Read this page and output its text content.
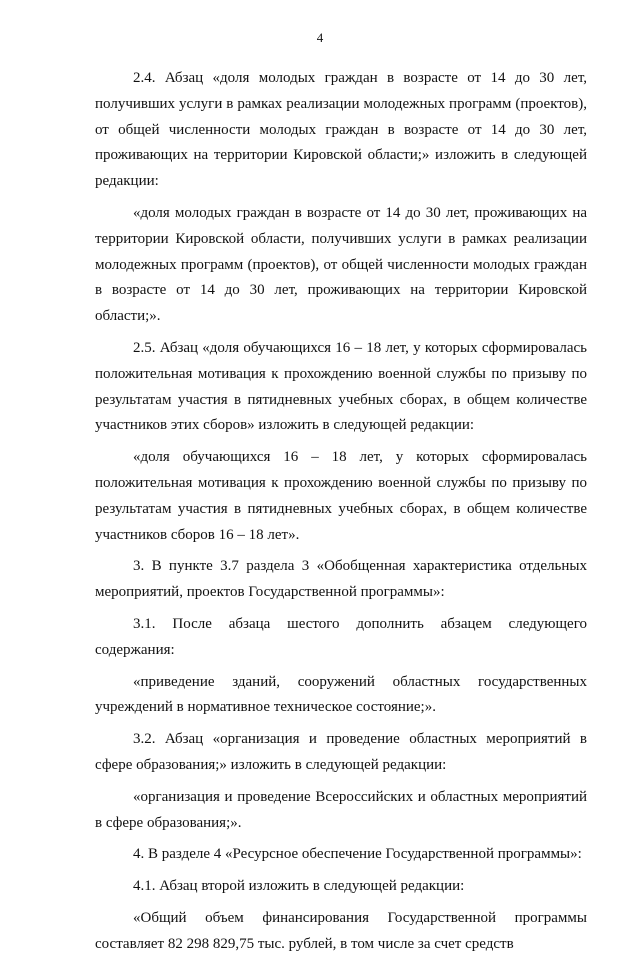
4

2.4. Абзац «доля молодых граждан в возрасте от 14 до 30 лет, получивших услуги в рамках реализации молодежных программ (проектов), от общей численности молодых граждан в возрасте от 14 до 30 лет, проживающих на территории Кировской области;» изложить в следующей редакции:

«доля молодых граждан в возрасте от 14 до 30 лет, проживающих на территории Кировской области, получивших услуги в рамках реализации молодежных программ (проектов), от общей численности молодых граждан в возрасте от 14 до 30 лет, проживающих на территории Кировской области;».

2.5. Абзац «доля обучающихся 16 – 18 лет, у которых сформировалась положительная мотивация к прохождению военной службы по призыву по результатам участия в пятидневных учебных сборах, в общем количестве участников этих сборов» изложить в следующей редакции:

«доля обучающихся 16 – 18 лет, у которых сформировалась положительная мотивация к прохождению военной службы по призыву по результатам участия в пятидневных учебных сборах, в общем количестве участников сборов 16 – 18 лет».

3. В пункте 3.7 раздела 3 «Обобщенная характеристика отдельных мероприятий, проектов Государственной программы»:

3.1. После абзаца шестого дополнить абзацем следующего содержания:

«приведение зданий, сооружений областных государственных учреждений в нормативное техническое состояние;».

3.2. Абзац «организация и проведение областных мероприятий в сфере образования;» изложить в следующей редакции:

«организация и проведение Всероссийских и областных мероприятий в сфере образования;».

4. В разделе 4 «Ресурсное обеспечение Государственной программы»:

4.1. Абзац второй изложить в следующей редакции:

«Общий объем финансирования Государственной программы составляет 82 298 829,75 тыс. рублей, в том числе за счет средств
